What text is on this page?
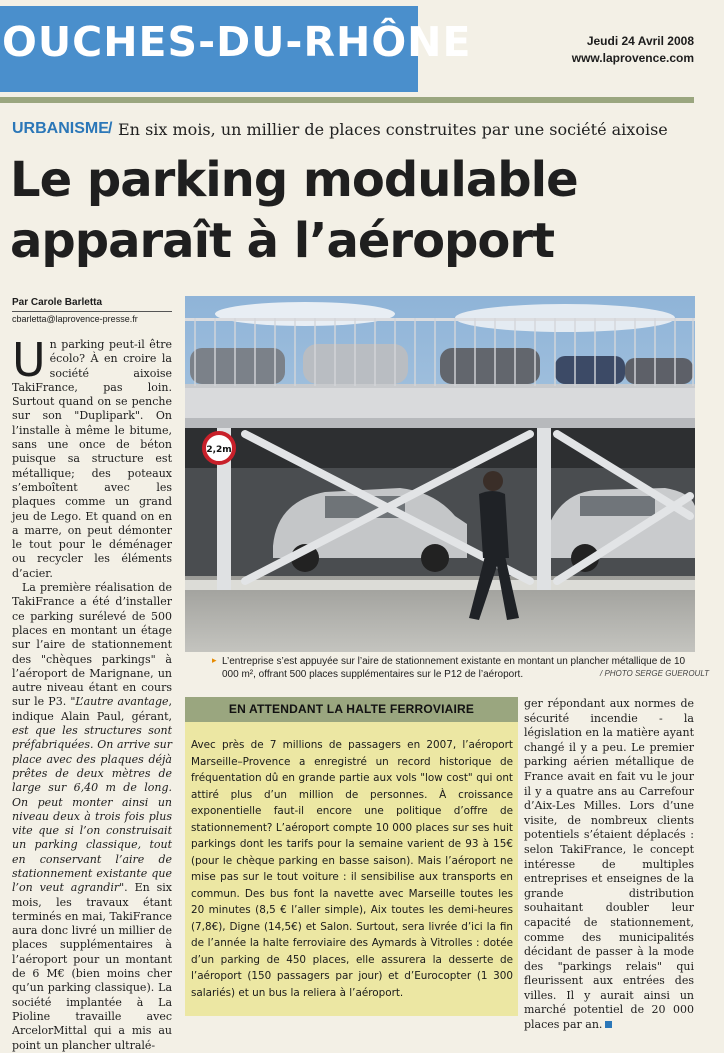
OUCHES-DU-RHÔNE	Jeudi 24 Avril 2008
www.laprovence.com
URBANISME / En six mois, un millier de places construites par une société aixoise
Le parking modulable
apparaît à l’aéroport
Par Carole Barletta
cbarletta@laprovence-presse.fr

Un parking peut-il être écolo? À en croire la société aixoise TakiFrance, pas loin. Surtout quand on se penche sur son "Duplipark". On l’installe à même le bitume, sans une once de béton puisque sa structure est métallique; des poteaux s’emboîtent avec les plaques comme un grand jeu de Lego. Et quand on en a marre, on peut démonter le tout pour le déménager ou recycler les éléments d’acier.

La première réalisation de TakiFrance a été d’installer ce parking surélevé de 500 places en montant un étage sur l’aire de stationnement des "chèques parkings" à l’aéroport de Marignane, un autre niveau étant en cours sur le P3. "L’autre avantage, indique Alain Paul, gérant, est que les structures sont préfabriquées. On arrive sur place avec des plaques déjà prêtes de deux mètres de large sur 6,40 m de long. On peut monter ainsi un niveau deux à trois fois plus vite que si l’on construisait un parking classique, tout en conservant l’aire de stationnement existante que l’on veut agrandir". En six mois, les travaux étant terminés en mai, TakiFrance aura donc livré un millier de places supplémentaires à l’aéroport pour un montant de 6 M€ (bien moins cher qu’un parking classique). La société implantée à La Pioline travaille avec ArcelorMittal qui a mis au point un plancher ultralé-

2,2m
▸ L’entreprise s’est appuyée sur l’aire de stationnement existante en montant un plancher métallique de 10 000 m², offrant 500 places supplémentaires sur le P12 de l’aéroport.	/ PHOTO SERGE GUEROULT
EN ATTENDANT LA HALTE FERROVIAIRE
Avec près de 7 millions de passagers en 2007, l’aéroport Marseille–Provence a enregistré un record historique de fréquentation dû en grande partie aux vols "low cost" qui ont attiré plus d’un million de personnes. À croissance exponentielle faut-il encore une politique d’offre de stationnement? L’aéroport compte 10 000 places sur ses huit parkings dont les tarifs pour la semaine varient de 93 à 15€ (pour le chèque parking en basse saison). Mais l’aéroport ne mise pas sur le tout voiture : il sensibilise aux transports en commun. Des bus font la navette avec Marseille toutes les 20 minutes (8,5 € l’aller simple), Aix toutes les demi-heures (7,8€), Digne (14,5€) et Salon. Surtout, sera livrée d’ici la fin de l’année la halte ferroviaire des Aymards à Vitrolles : dotée d’un parking de 450 places, elle assurera la desserte de l’aéroport (150 passagers par jour) et d’Eurocopter (1 300 salariés) et un bus la reliera à l’aéroport.
ger répondant aux normes de sécurité incendie - la législation en la matière ayant changé il y a peu. Le premier parking aérien métallique de France avait en fait vu le jour il y a quatre ans au Carrefour d’Aix-Les Milles. Lors d’une visite, de nombreux clients potentiels s’étaient déplacés : selon TakiFrance, le concept intéresse de multiples entreprises et enseignes de la grande distribution souhaitant doubler leur capacité de stationnement, comme des municipalités décidant de passer à la mode des "parkings relais" qui fleurissent aux entrées des villes. Il y aurait ainsi un marché potentiel de 20 000 places par an.
